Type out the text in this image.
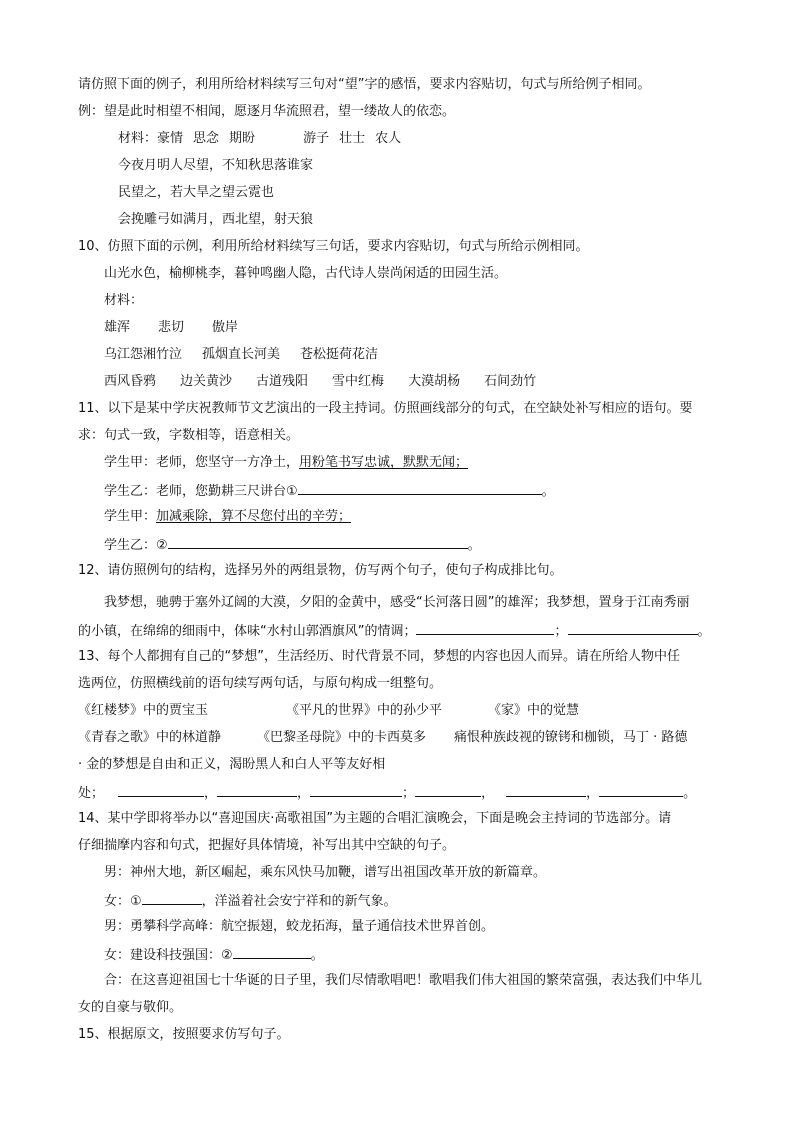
请仿照下面的例子，利用所给材料续写三句对“望”字的感悟，要求内容贴切，句式与所给例子相同。
例：望是此时相望不相闻，愿逐月华流照君，望一缕故人的依恋。
材料：豪情 思念 期盼	游子 壮士 农人
今夜月明人尽望，不知秋思落谁家
民望之，若大旱之望云霓也
会挽雕弓如满月，西北望，射天狼
10、仿照下面的示例，利用所给材料续写三句话，要求内容贴切，句式与所给示例相同。
山光水色，榆柳桃李，暮钟鸣幽人隐，古代诗人崇尚闲适的田园生活。
材料：
雄浑 悲切 傲岸
乌江怨湘竹泣 孤烟直长河美 苍松挺荷花洁
西风昏鸦 边关黄沙 古道残阳 雪中红梅 大漠胡杨 石间劲竹
11、以下是某中学庆祝教师节文艺演出的一段主持词。仿照画线部分的句式，在空缺处补写相应的语句。要
求：句式一致，字数相等，语意相关。
学生甲：老师，您坚守一方净土，用粉笔书写忠诚，默默无闻；
学生乙：老师，您勤耕三尺讲台①	。
学生甲：加减乘除，算不尽您付出的辛劳；
学生乙：②	。
12、请仿照例句的结构，选择另外的两组景物，仿写两个句子，使句子构成排比句。
我梦想，驰骋于塞外辽阔的大漠，夕阳的金黄中，感受“长河落日圆”的雄浑；我梦想，置身于江南秀丽
的小镇，在绵绵的细雨中，体味“水村山郭酒旗风”的情调；	；	。
13、每个人都拥有自己的“梦想”，生活经历、时代背景不同，梦想的内容也因人而异。请在所给人物中任
选两位，仿照横线前的语句续写两句话，与原句构成一组整句。
《红楼梦》中的贾宝玉	《平凡的世界》中的孙少平	《家》中的觉慧
《青春之歌》中的林道静	《巴黎圣母院》中的卡西莫多 痛恨种族歧视的镣铐和枷锁，马丁 · 路德
· 金的梦想是自由和正义，渴盼黑人和白人平等友好相
处；	，	，	；	，	，	。
14、某中学即将举办以“喜迎国庆·高歌祖国”为主题的合唱汇演晚会，下面是晚会主持词的节选部分。请
仔细揣摩内容和句式，把握好具体情境，补写出其中空缺的句子。
男：神州大地，新区崛起，乘东风快马加鞭，谱写出祖国改革开放的新篇章。
女：①	，洋溢着社会安宁祥和的新气象。
男：勇攀科学高峰：航空振翅，蛟龙拓海，量子通信技术世界首创。
女：建设科技强国：②	。
合：在这喜迎祖国七十华诞的日子里，我们尽情歌唱吧！歌唱我们伟大祖国的繁荣富强，表达我们中华儿
女的自豪与敬仰。
15、根据原文，按照要求仿写句子。
